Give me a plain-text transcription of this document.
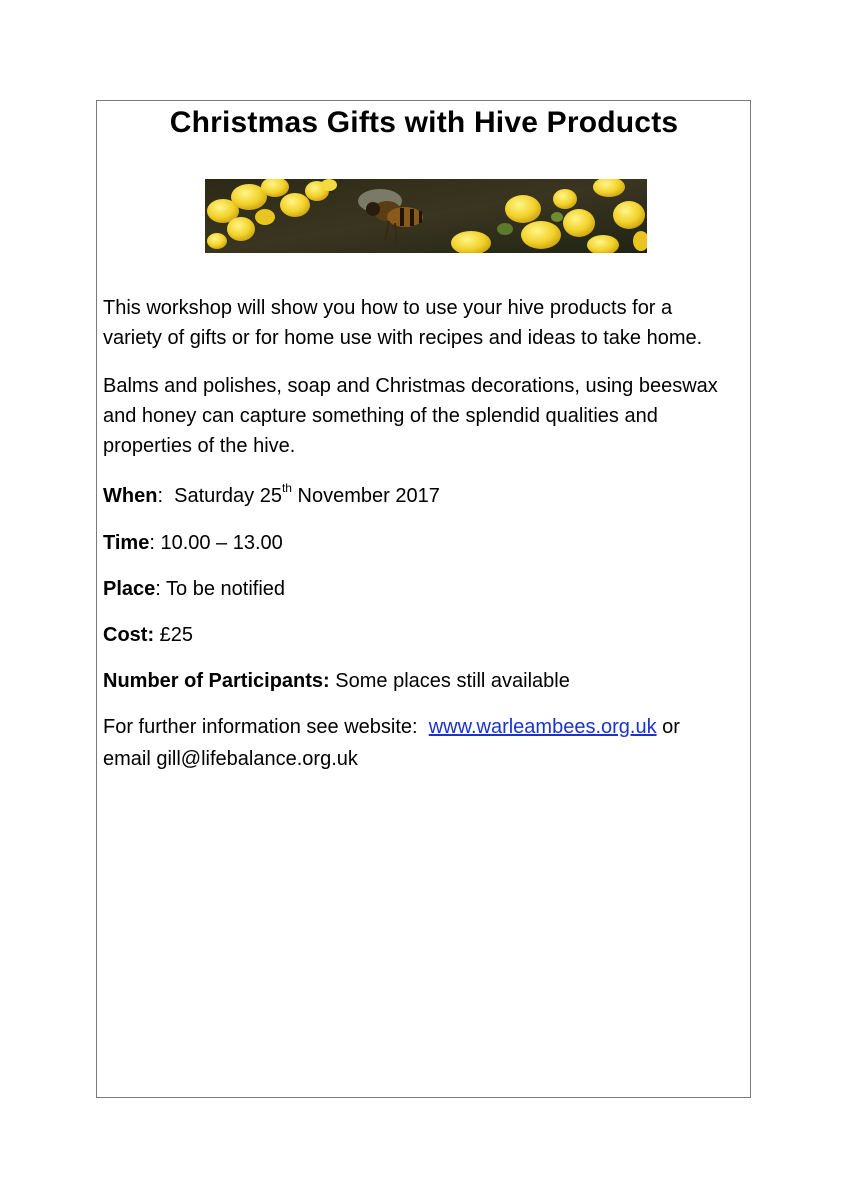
Christmas Gifts with Hive Products
This workshop will show you how to use your hive products for a
variety of gifts or for home use with recipes and ideas to take home.
Balms and polishes, soap and Christmas decorations, using beeswax
and honey can capture something of the splendid qualities and
properties of the hive.
When:  Saturday 25th November 2017
Time: 10.00 – 13.00
Place: To be notified
Cost: £25
Number of Participants: Some places still available
For further information see website: www.warleambees.org.uk or
email gill@lifebalance.org.uk
